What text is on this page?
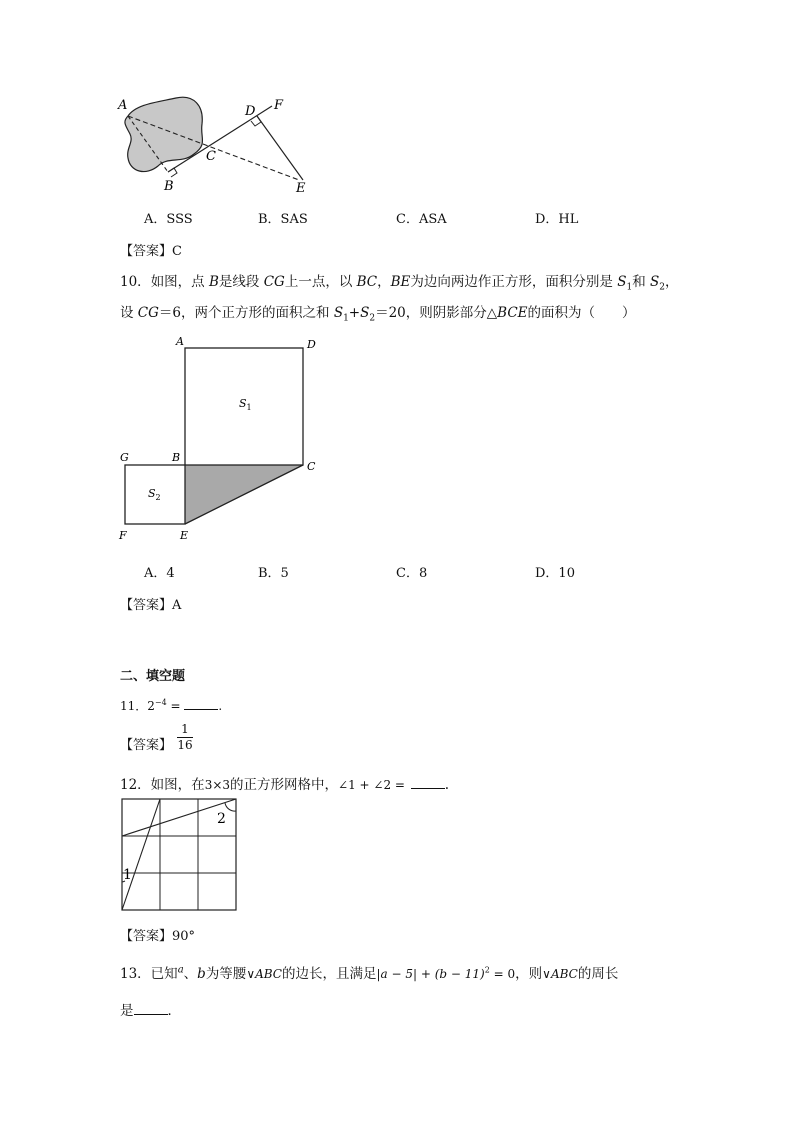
A	D F
C
B	E
A．SSS	B．SAS	C．ASA	D．HL
【答案】C
10．如图，点 B是线段 CG上一点，以 BC，BE为边向两边作正方形，面积分别是 $S_1$和 $S_2$，
设 CG＝6，两个正方形的面积之和 $S_1+S_2=20$，则阴影部分△BCE的面积为（　　）
A	D
G	B
C
F	E
$S_1$
$S_2$
A．4	B．5	C．8	D．10
【答案】A
二、填空题
11．$2^{-4}$ =	.
【答案】
1
16
12．如图，在3×3的正方形网格中，∠1 + ∠2 =	.
1
2
【答案】90°
13．已知$^a$、b为等腰∨ABC的边长，且满足$|a - 5| + (b - 11)^2 = 0$，则∨ABC的周长
是	．
